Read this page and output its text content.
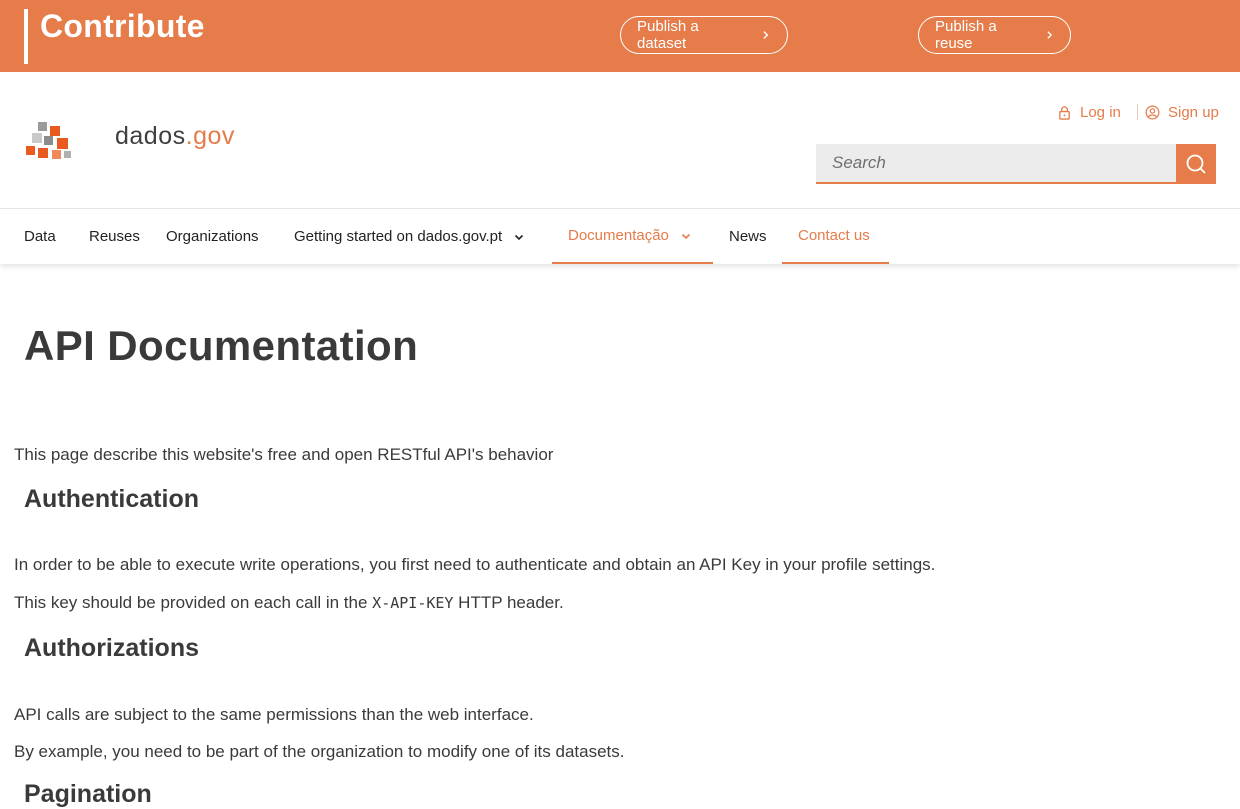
Contribute	Publish a dataset
Publish a reuse
dados.gov
Log in	Sign up
Search
Data Reuses Organizations Getting started on dados.gov.pt	Documentação	News Contact us
API Documentation

This page describe this website's free and open RESTful API's behavior

Authentication

In order to be able to execute write operations, you first need to authenticate and obtain an API Key in your profile settings.

This key should be provided on each call in the X-API-KEY HTTP header.

Authorizations

API calls are subject to the same permissions than the web interface.

By example, you need to be part of the organization to modify one of its datasets.

Pagination
